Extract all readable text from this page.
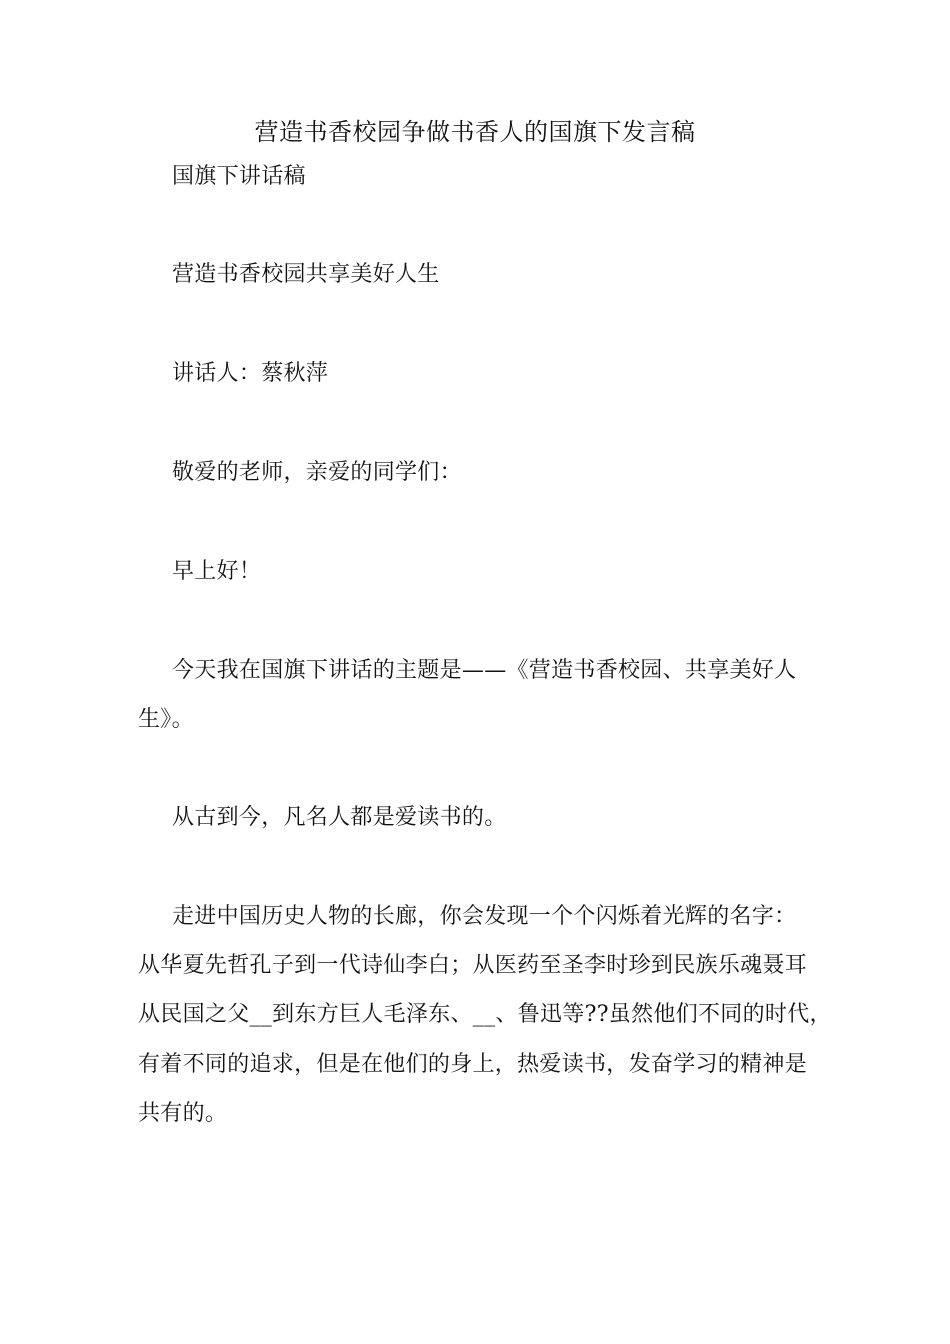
营造书香校园争做书香人的国旗下发言稿
国旗下讲话稿
营造书香校园共享美好人生
讲话人：蔡秋萍
敬爱的老师，亲爱的同学们：
早上好！
今天我在国旗下讲话的主题是——《营造书香校园、共享美好人
生》。
从古到今，凡名人都是爱读书的。
走进中国历史人物的长廊，你会发现一个个闪烁着光辉的名字：
从华夏先哲孔子到一代诗仙李白；从医药至圣李时珍到民族乐魂聂耳
从民国之父__到东方巨人毛泽东、__、鲁迅等??虽然他们不同的时代，
有着不同的追求，但是在他们的身上，热爱读书，发奋学习的精神是
共有的。
